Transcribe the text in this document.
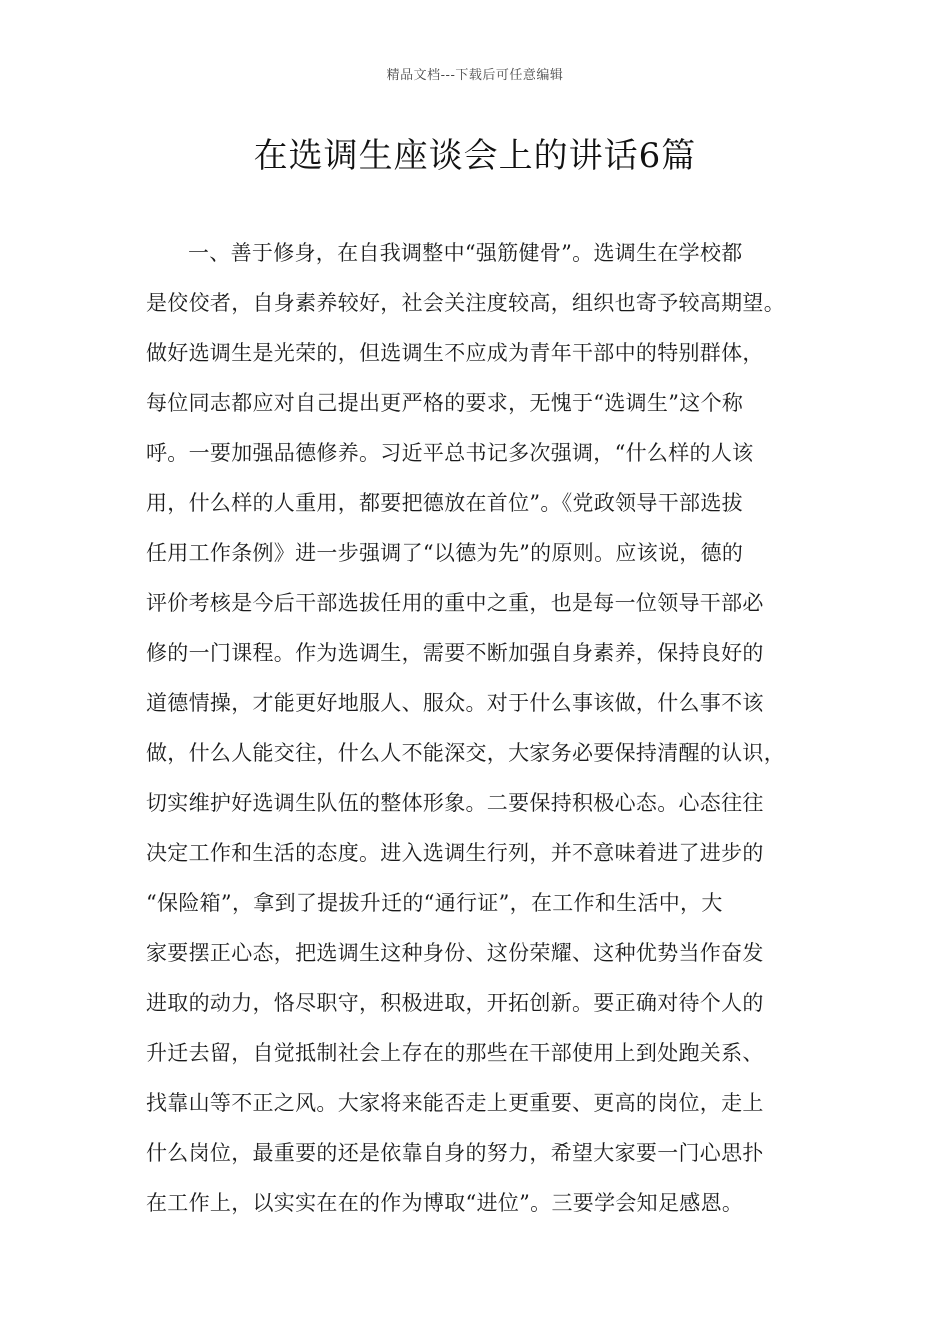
精品文档---下载后可任意编辑
在选调生座谈会上的讲话6篇
一、善于修身，在自我调整中“强筋健骨”。选调生在学校都
是佼佼者，自身素养较好，社会关注度较高，组织也寄予较高期望。
做好选调生是光荣的，但选调生不应成为青年干部中的特别群体，
每位同志都应对自己提出更严格的要求，无愧于“选调生”这个称
呼。一要加强品德修养。习近平总书记多次强调，“什么样的人该
用，什么样的人重用，都要把德放在首位”。《党政领导干部选拔
任用工作条例》进一步强调了“以德为先”的原则。应该说，德的
评价考核是今后干部选拔任用的重中之重，也是每一位领导干部必
修的一门课程。作为选调生，需要不断加强自身素养，保持良好的
道德情操，才能更好地服人、服众。对于什么事该做，什么事不该
做，什么人能交往，什么人不能深交，大家务必要保持清醒的认识，
切实维护好选调生队伍的整体形象。二要保持积极心态。心态往往
决定工作和生活的态度。进入选调生行列，并不意味着进了进步的
“保险箱”，拿到了提拔升迁的“通行证”，在工作和生活中，大
家要摆正心态，把选调生这种身份、这份荣耀、这种优势当作奋发
进取的动力，恪尽职守，积极进取，开拓创新。要正确对待个人的
升迁去留，自觉抵制社会上存在的那些在干部使用上到处跑关系、
找靠山等不正之风。大家将来能否走上更重要、更高的岗位，走上
什么岗位，最重要的还是依靠自身的努力，希望大家要一门心思扑
在工作上，以实实在在的作为博取“进位”。三要学会知足感恩。
